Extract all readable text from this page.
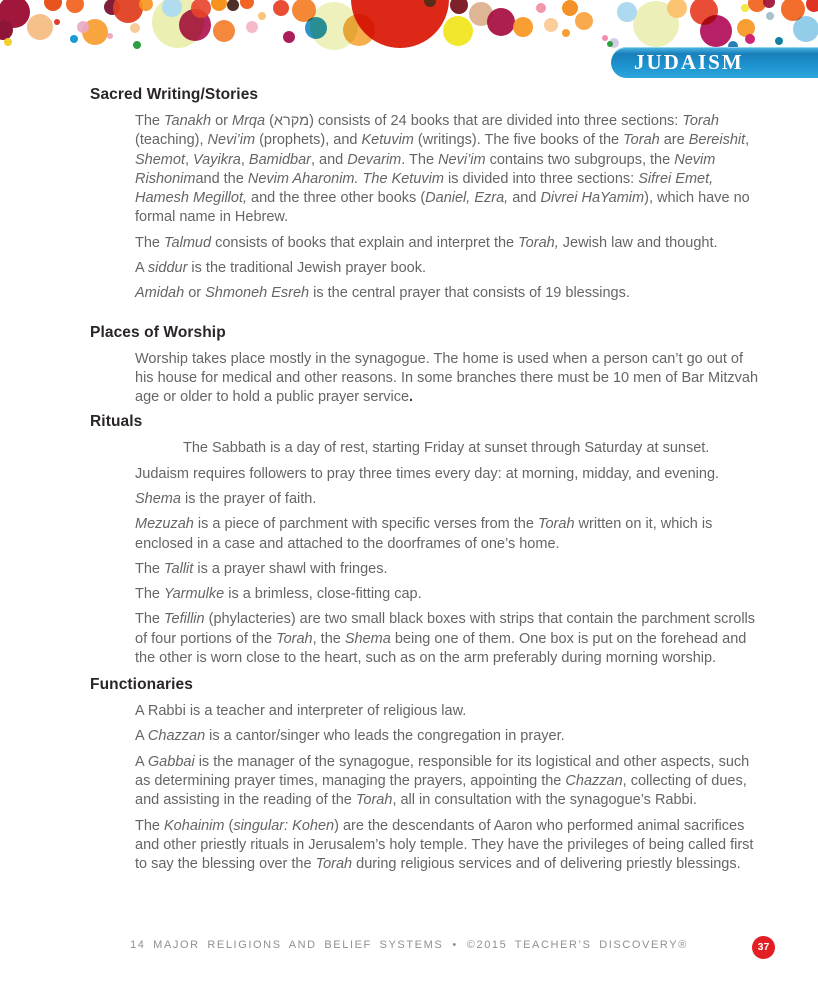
JUDAISM
Sacred Writing/Stories

The Tanakh or Mrqa (מקרא) consists of 24 books that are divided into three sections: Torah (teaching), Nevi’im (prophets), and Ketuvim (writings). The five books of the Torah are Bereishit, Shemot, Vayikra, Bamidbar, and Devarim. The Nevi’im contains two subgroups, the Nevim Rishonimand the Nevim Aharonim. The Ketuvim is divided into three sections: Sifrei Emet, Hamesh Megillot, and the three other books (Daniel, Ezra, and Divrei HaYamim), which have no formal name in Hebrew.

The Talmud consists of books that explain and interpret the Torah, Jewish law and thought.

A siddur is the traditional Jewish prayer book.

Amidah or Shmoneh Esreh is the central prayer that consists of 19 blessings.

Places of Worship

Worship takes place mostly in the synagogue. The home is used when a person can’t go out of his house for medical and other reasons. In some branches there must be 10 men of Bar Mitzvah age or older to hold a public prayer service.

Rituals

The Sabbath is a day of rest, starting Friday at sunset through Saturday at sunset.

Judaism requires followers to pray three times every day: at morning, midday, and evening.

Shema is the prayer of faith.

Mezuzah is a piece of parchment with specific verses from the Torah written on it, which is enclosed in a case and attached to the doorframes of one’s home.

The Tallit is a prayer shawl with fringes.

The Yarmulke is a brimless, close-fitting cap.

The Tefillin (phylacteries) are two small black boxes with strips that contain the parchment scrolls of four portions of the Torah, the Shema being one of them. One box is put on the forehead and the other is worn close to the heart, such as on the arm preferably during morning worship.

Functionaries

A Rabbi is a teacher and interpreter of religious law.

A Chazzan is a cantor/singer who leads the congregation in prayer.

A Gabbai is the manager of the synagogue, responsible for its logistical and other aspects, such as determining prayer times, managing the prayers, appointing the Chazzan, collecting of dues, and assisting in the reading of the Torah, all in consultation with the synagogue’s Rabbi.

The Kohainim (singular: Kohen) are the descendants of Aaron who performed animal sacrifices and other priestly rituals in Jerusalem’s holy temple. They have the privileges of being called first to say the blessing over the Torah during religious services and of delivering priestly blessings.

14 MAJOR RELIGIONS AND BELIEF SYSTEMS • ©2015 TEACHER’S DISCOVERY®	37
